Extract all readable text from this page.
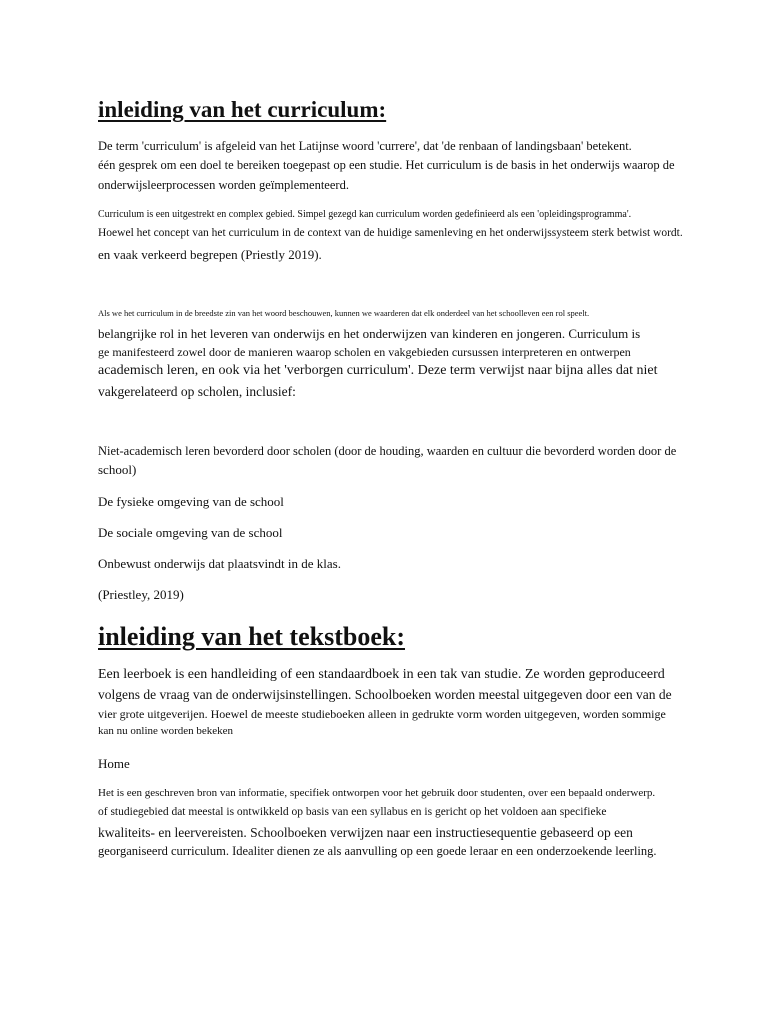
inleiding van het curriculum:
De term 'curriculum' is afgeleid van het Latijnse woord 'currere', dat 'de renbaan of landingsbaan' betekent.
één gesprek om een doel te bereiken toegepast op een studie. Het curriculum is de basis in het onderwijs waarop de
onderwijsleerprocessen worden geïmplementeerd.
Curriculum is een uitgestrekt en complex gebied. Simpel gezegd kan curriculum worden gedefinieerd als een 'opleidingsprogramma'.
Hoewel het concept van het curriculum in de context van de huidige samenleving en het onderwijssysteem sterk betwist wordt.
en vaak verkeerd begrepen (Priestly 2019).
Als we het curriculum in de breedste zin van het woord beschouwen, kunnen we waarderen dat elk onderdeel van het schoolleven een rol speelt.
belangrijke rol in het leveren van onderwijs en het onderwijzen van kinderen en jongeren. Curriculum is
ge manifesteerd zowel door de manieren waarop scholen en vakgebieden cursussen interpreteren en ontwerpen
academisch leren, en ook via het 'verborgen curriculum'. Deze term verwijst naar bijna alles dat niet
vakgerelateerd op scholen, inclusief:
Niet-academisch leren bevorderd door scholen (door de houding, waarden en cultuur die bevorderd worden door de
school)
De fysieke omgeving van de school
De sociale omgeving van de school
Onbewust onderwijs dat plaatsvindt in de klas.
(Priestley, 2019)
inleiding van het tekstboek:
Een leerboek is een handleiding of een standaardboek in een tak van studie. Ze worden geproduceerd
volgens de vraag van de onderwijsinstellingen. Schoolboeken worden meestal uitgegeven door een van de
vier grote uitgeverijen. Hoewel de meeste studieboeken alleen in gedrukte vorm worden uitgegeven, worden sommige
kan nu online worden bekeken
Home
Het is een geschreven bron van informatie, specifiek ontworpen voor het gebruik door studenten, over een bepaald onderwerp.
of studiegebied dat meestal is ontwikkeld op basis van een syllabus en is gericht op het voldoen aan specifieke
kwaliteits- en leervereisten. Schoolboeken verwijzen naar een instructiesequentie gebaseerd op een
georganiseerd curriculum. Idealiter dienen ze als aanvulling op een goede leraar en een onderzoekende leerling.
